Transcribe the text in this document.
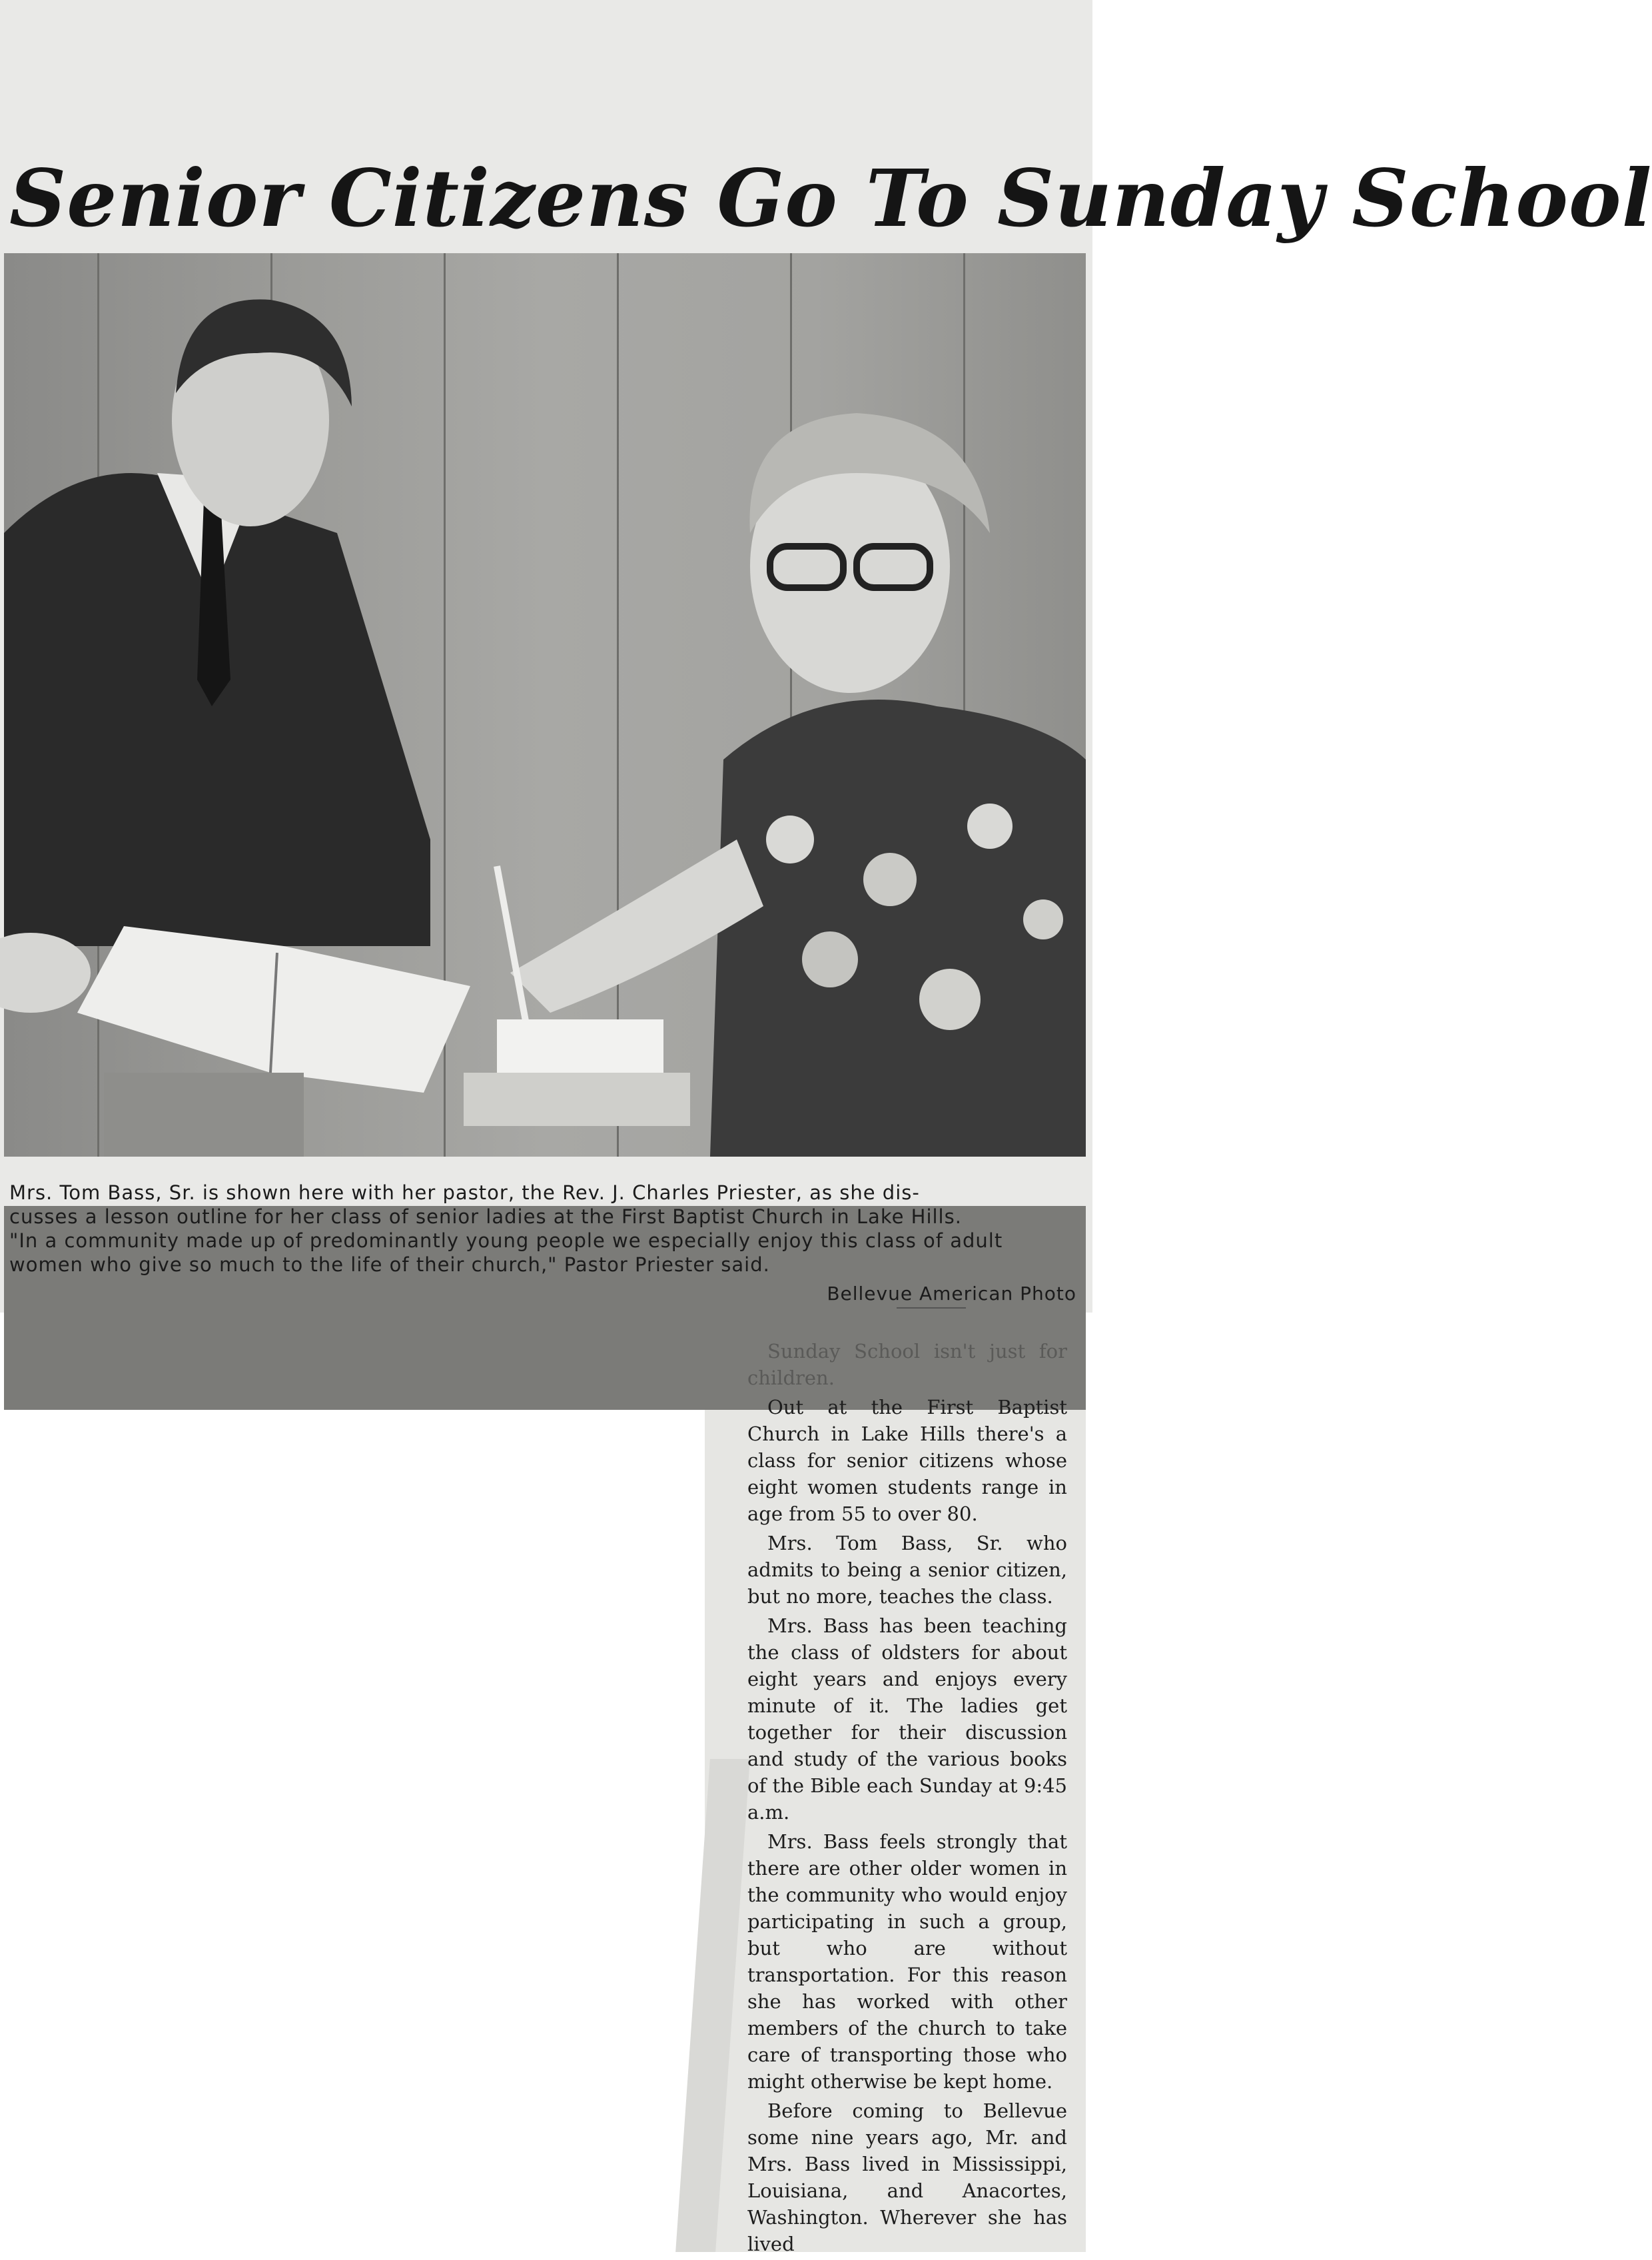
Senior Citizens Go To Sunday School

Mrs. Tom Bass, Sr. is shown here with her pastor, the Rev. J. Charles Priester, as she dis-

cusses a lesson outline for her class of senior ladies at the First Baptist Church in Lake Hills.

"In a community made up of predominantly young people we especially enjoy this class of adult

women who give so much to the life of their church," Pastor Priester said.

Bellevue American Photo

Sunday School isn't just for children.

Out at the First Baptist Church in Lake Hills there's a class for senior citizens whose eight women students range in age from 55 to over 80.

Mrs. Tom Bass, Sr. who admits to being a senior citizen, but no more, teaches the class.

Mrs. Bass has been teaching the class of oldsters for about eight years and enjoys every minute of it. The ladies get together for their discussion and study of the various books of the Bible each Sunday at 9:45 a.m.

Mrs. Bass feels strongly that there are other older women in the community who would enjoy participating in such a group, but who are without transportation. For this reason she has worked with other members of the church to take care of transporting those who might otherwise be kept home.

Before coming to Bellevue some nine years ago, Mr. and Mrs. Bass lived in Mississippi, Louisiana, and Anacortes, Washington. Wherever she has lived
